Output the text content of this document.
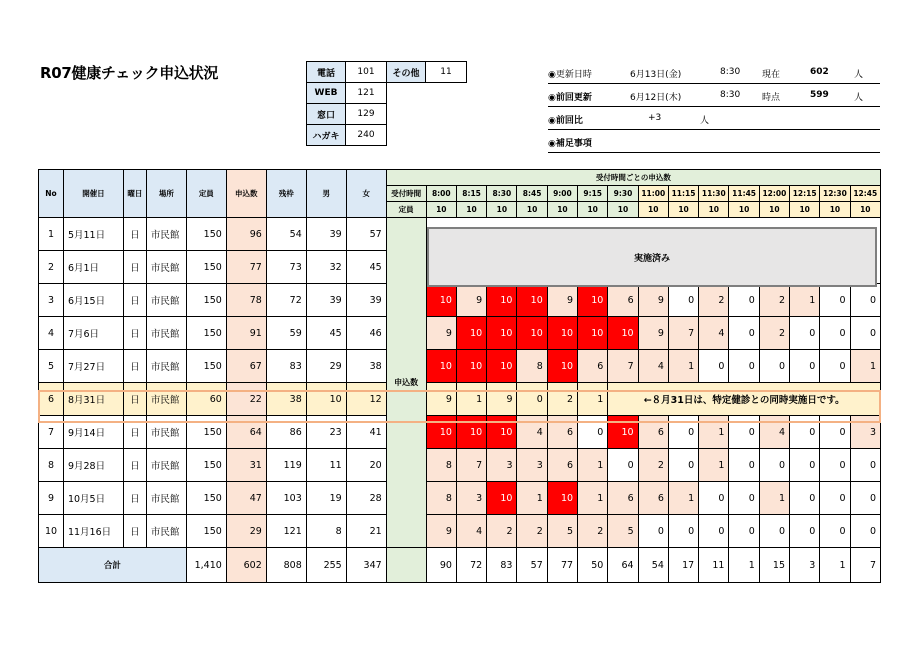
R07健康チェック申込状況	電話	101	その他	11
WEB	121		
窓口	129		
ハガキ	240		
◉更新日時	6月13日(金)	8:30 現在	602	人
◉前回更新	6月12日(木)	8:30 時点	599	人
◉前回比	+3	人
◉補足事項
No	開催日	曜日	場所	定員	申込数	残枠	男	女	受付時間ごとの申込数															
									受付時間	8:00	8:15	8:30	8:45	9:00	9:15	9:30	11:00	11:15	11:30	11:45	12:00	12:15	12:30	12:45
									定員	10	10	10	10	10	10	10	10	10	10	10	10	10	10	10
1	5月11日	日	市民館	150	96	54	39	57	申込数															
2	6月1日	日	市民館	150	77	73	32	45																
3	6月15日	日	市民館	150	78	72	39	39		10	9	10	10	9	10	6	9	0	2	0	2	1	0	0
4	7月6日	日	市民館	150	91	59	45	46		9	10	10	10	10	10	10	9	7	4	0	2	0	0	0
5	7月27日	日	市民館	150	67	83	29	38		10	10	10	8	10	6	7	4	1	0	0	0	0	0	1
6	8月31日	日	市民館	60	22	38	10	12		9	1	9	0	2	1	←８月31日は、特定健診との同時実施日です。								
7	9月14日	日	市民館	150	64	86	23	41		10	10	10	4	6	0	10	6	0	1	0	4	0	0	3
8	9月28日	日	市民館	150	31	119	11	20		8	7	3	3	6	1	0	2	0	1	0	0	0	0	0
9	10月5日	日	市民館	150	47	103	19	28		8	3	10	1	10	1	6	6	1	0	0	1	0	0	0
10	11月16日	日	市民館	150	29	121	8	21		9	4	2	2	5	2	5	0	0	0	0	0	0	0	0
合計				1,410	602	808	255	347		90	72	83	57	77	50	64	54	17	11	1	15	3	1	7
実施済み
